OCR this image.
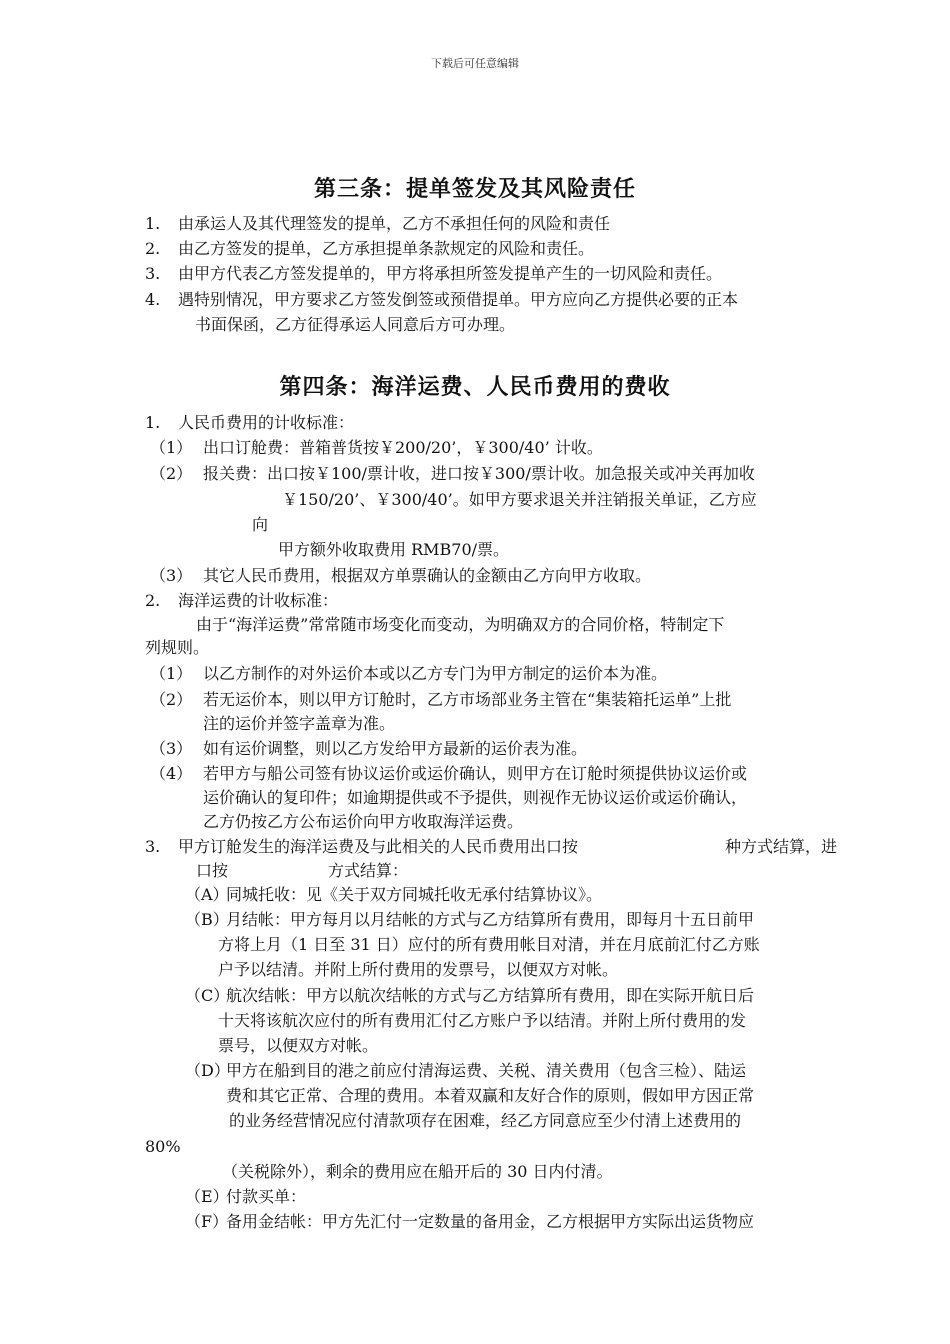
下载后可任意编辑
第三条：提单签发及其风险责任
1. 由承运人及其代理签发的提单，乙方不承担任何的风险和责任
2. 由乙方签发的提单，乙方承担提单条款规定的风险和责任。
3. 由甲方代表乙方签发提单的，甲方将承担所签发提单产生的一切风险和责任。
4. 遇特别情况，甲方要求乙方签发倒签或预借提单。甲方应向乙方提供必要的正本
书面保函，乙方征得承运人同意后方可办理。
第四条：海洋运费、人民币费用的费收
1. 人民币费用的计收标准：
（1） 出口订舱费：普箱普货按￥200/20’，￥300/40’ 计收。
（2） 报关费：出口按￥100/票计收，进口按￥300/票计收。加急报关或冲关再加收
￥150/20’、￥300/40’。如甲方要求退关并注销报关单证，乙方应
向
甲方额外收取费用 RMB70/票。
（3） 其它人民币费用，根据双方单票确认的金额由乙方向甲方收取。
2. 海洋运费的计收标准：
由于“海洋运费”常常随市场变化而变动，为明确双方的合同价格，特制定下
列规则。
（1） 以乙方制作的对外运价本或以乙方专门为甲方制定的运价本为准。
（2） 若无运价本，则以甲方订舱时，乙方市场部业务主管在“集装箱托运单”上批
注的运价并签字盖章为准。
（3） 如有运价调整，则以乙方发给甲方最新的运价表为准。
（4） 若甲方与船公司签有协议运价或运价确认，则甲方在订舱时须提供协议运价或
运价确认的复印件；如逾期提供或不予提供，则视作无协议运价或运价确认，
乙方仍按乙方公布运价向甲方收取海洋运费。
3. 甲方订舱发生的海洋运费及与此相关的人民币费用出口按	种方式结算，进
口按	方式结算：
（A）
同城托收：见《关于双方同城托收无承付结算协议》。
（B）
月结帐：甲方每月以月结帐的方式与乙方结算所有费用，即每月十五日前甲
方将上月（1 日至 31 日）应付的所有费用帐目对清，并在月底前汇付乙方账
户予以结清。并附上所付费用的发票号，以便双方对帐。
（C）
航次结帐：甲方以航次结帐的方式与乙方结算所有费用，即在实际开航日后
十天将该航次应付的所有费用汇付乙方账户予以结清。并附上所付费用的发
票号，以便双方对帐。
（D）
甲方在船到目的港之前应付清海运费、关税、清关费用（包含三检）、陆运
费和其它正常、合理的费用。本着双赢和友好合作的原则，假如甲方因正常
的业务经营情况应付清款项存在困难，经乙方同意应至少付清上述费用的
80%
（关税除外），剩余的费用应在船开后的 30 日内付清。
（E）
付款买单：
（F）
备用金结帐：甲方先汇付一定数量的备用金，乙方根据甲方实际出运货物应
